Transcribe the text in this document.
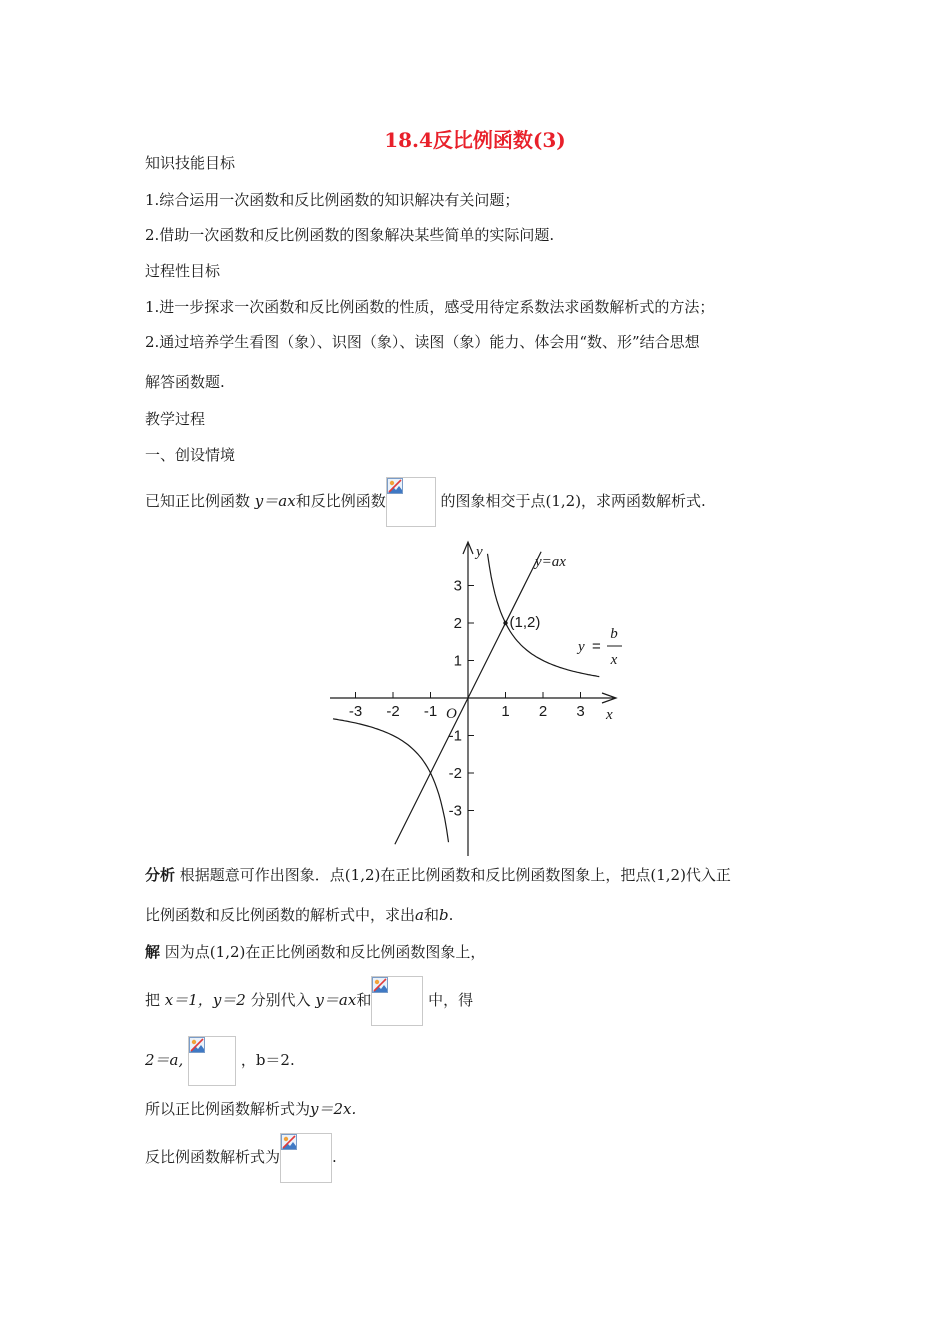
18.4反比例函数(3)
知识技能目标
1.综合运用一次函数和反比例函数的知识解决有关问题；
2.借助一次函数和反比例函数的图象解决某些简单的实际问题.
过程性目标
1.进一步探求一次函数和反比例函数的性质，感受用待定系数法求函数解析式的方法；
2.通过培养学生看图（象）、识图（象）、读图（象）能力、体会用“数、形”结合思想
解答函数题.
教学过程
一、创设情境
已知正比例函数 y＝ax和反比例函数	的图象相交于点(1,2)，求两函数解析式.
-3 -2 -1	1 2 3
3
2
1
-1
-2
-3
y
x
O
(1,2)
y=ax
y =
b
x
分析 根据题意可作出图象．点(1,2)在正比例函数和反比例函数图象上，把点(1,2)代入正
比例函数和反比例函数的解析式中，求出a和b.
解 因为点(1,2)在正比例函数和反比例函数图象上，
把 x＝1，y＝2 分别代入 y＝ax和	中，得
2＝a,	，b＝2.
所以正比例函数解析式为y＝2x.
反比例函数解析式为	.
